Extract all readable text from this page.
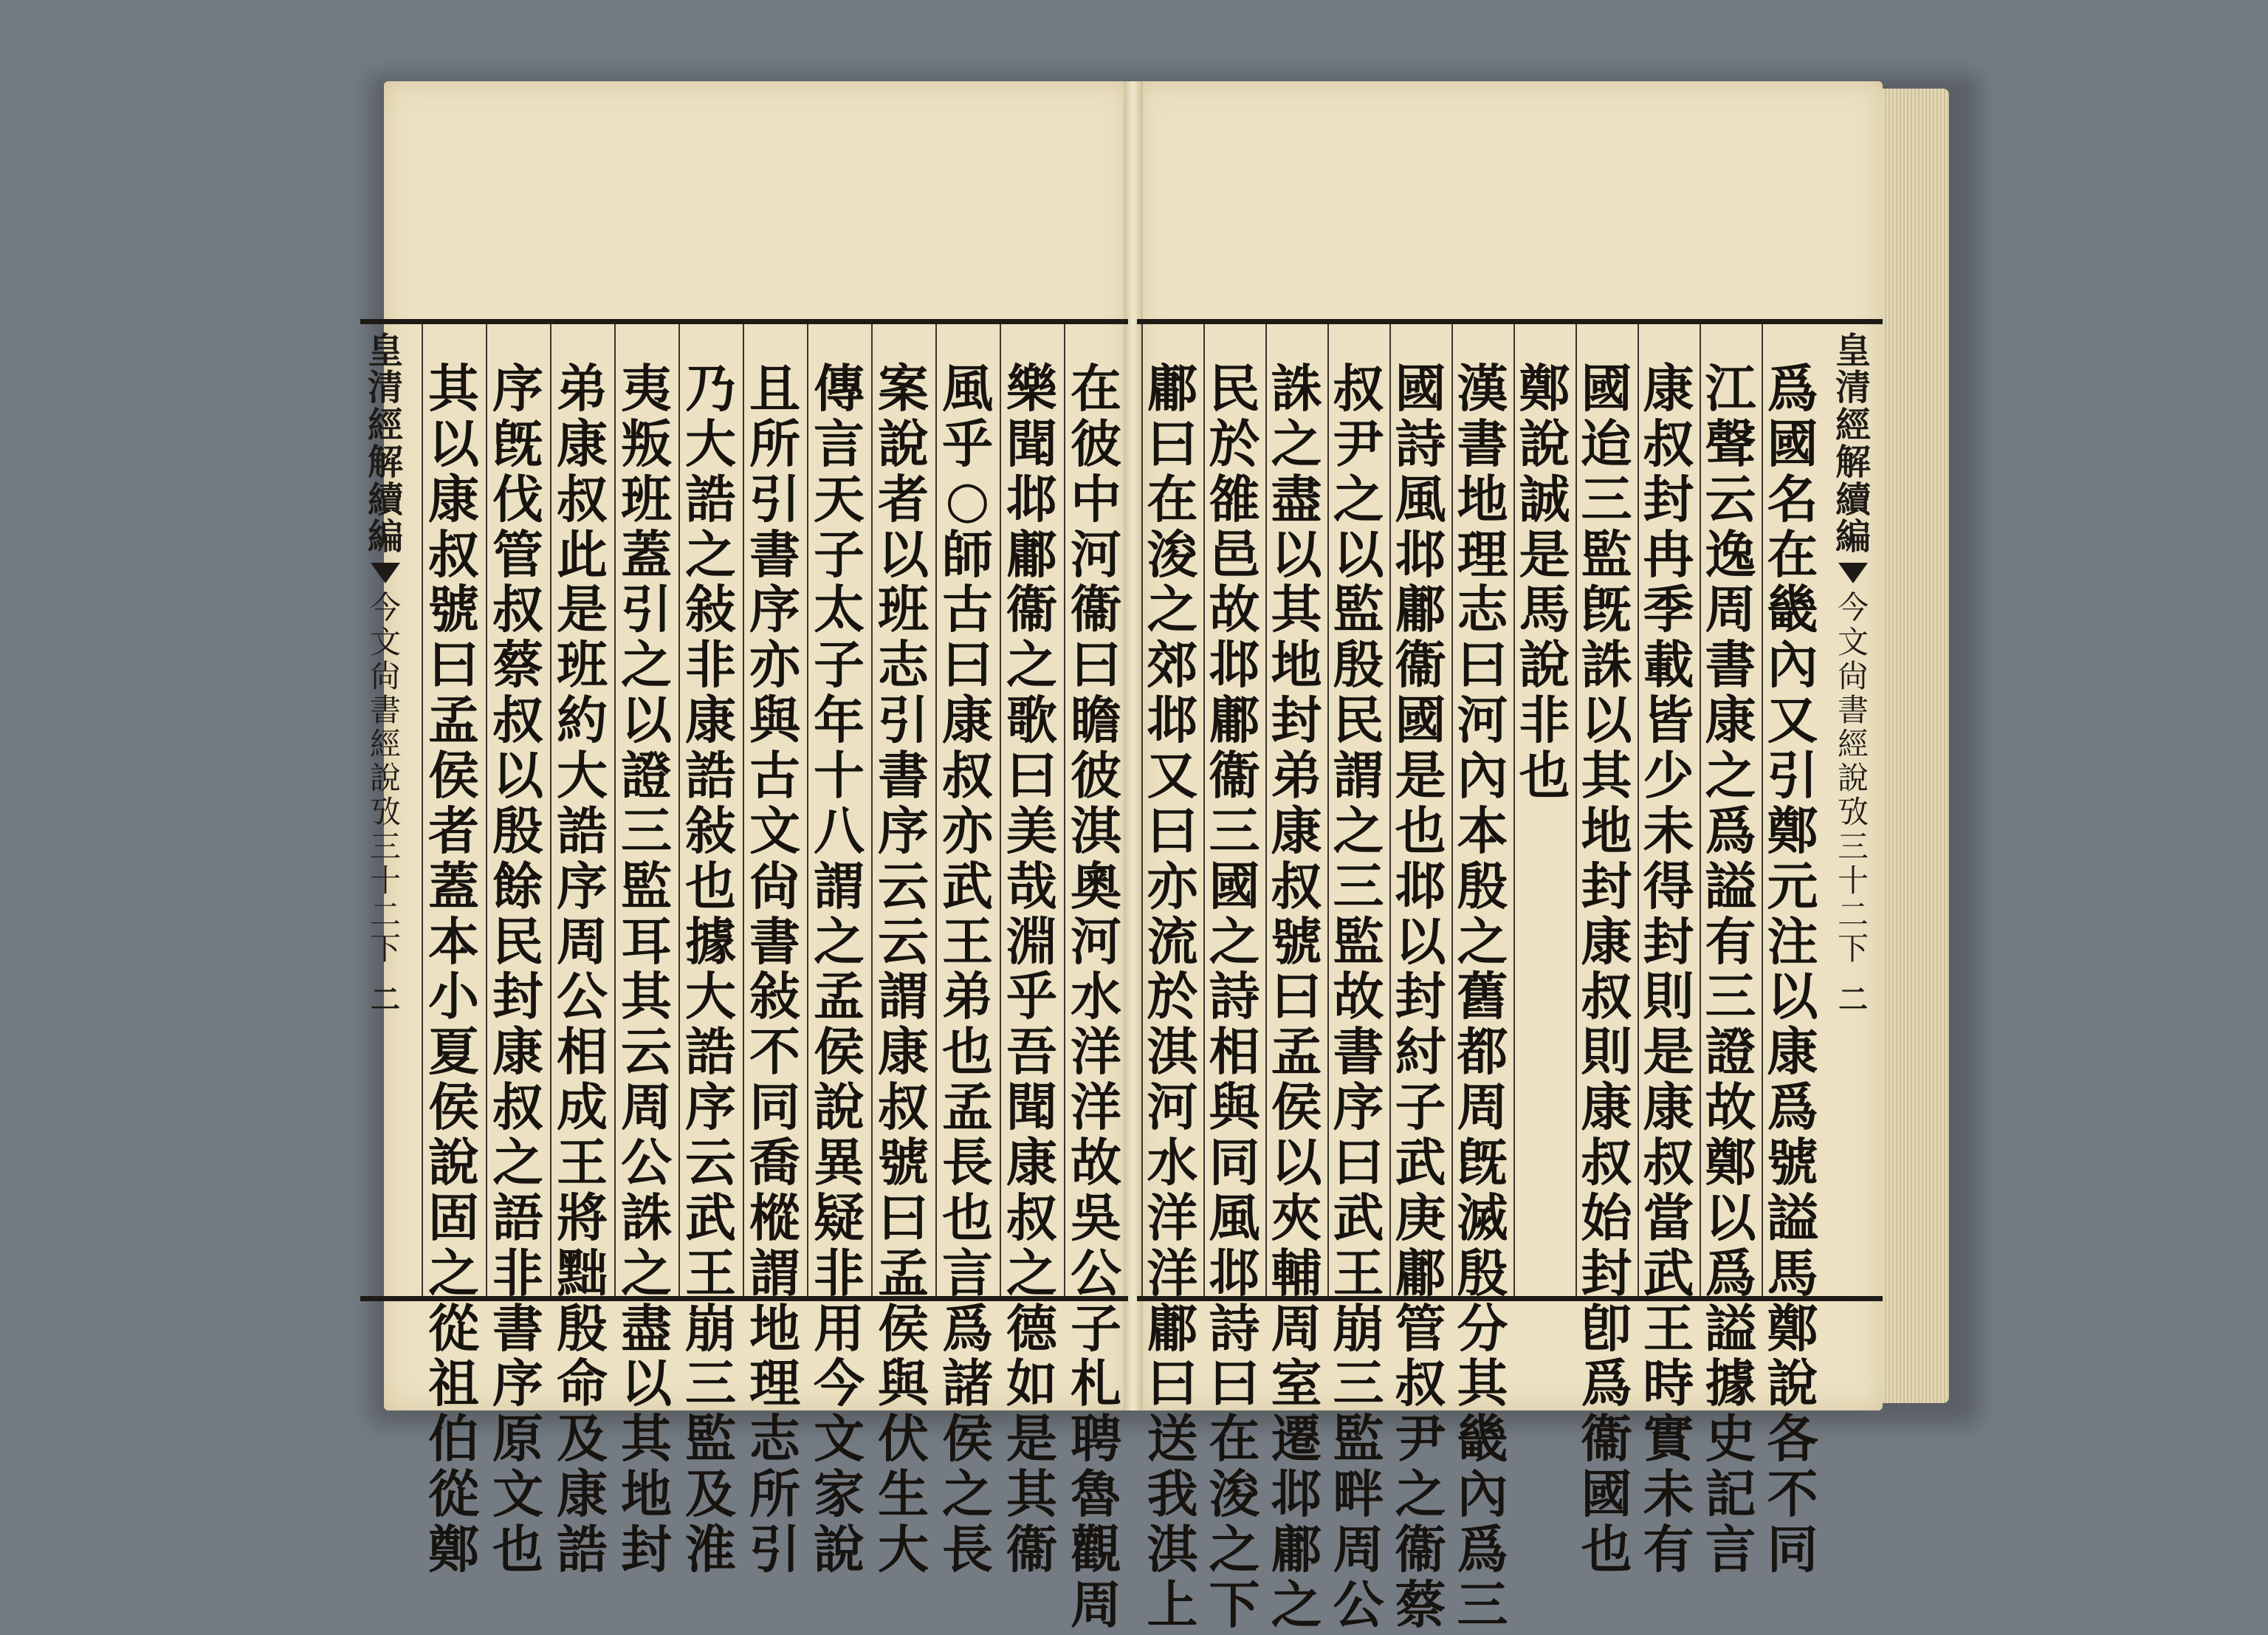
皇
清
經
解
續
編
今
文
尙
書
經
說
攷
三
十
二
下
二
在
彼
中
河
衞
曰
瞻
彼
淇
奧
河
水
洋
洋
故
吳
公
子
札
聘
魯
觀
周
樂
聞
邶
鄘
衞
之
歌
曰
美
哉
淵
乎
吾
聞
康
叔
之
德
如
是
其
衞
風
乎
○
師
古
曰
康
叔
亦
武
王
弟
也
孟
長
也
言
爲
諸
侯
之
長
案
說
者
以
班
志
引
書
序
云
云
謂
康
叔
號
曰
孟
侯
與
伏
生
大
傳
言
天
子
太
子
年
十
八
謂
之
孟
侯
說
異
疑
非
用
今
文
家
說
且
所
引
書
序
亦
與
古
文
尙
書
敍
不
同
喬
樅
謂
地
理
志
所
引
乃
大
誥
之
敍
非
康
誥
敍
也
據
大
誥
序
云
武
王
崩
三
監
及
淮
夷
叛
班
蓋
引
之
以
證
三
監
耳
其
云
周
公
誅
之
盡
以
其
地
封
弟
康
叔
此
是
班
約
大
誥
序
周
公
相
成
王
將
黜
殷
命
及
康
誥
序
旣
伐
管
叔
蔡
叔
以
殷
餘
民
封
康
叔
之
語
非
書
序
原
文
也
其
以
康
叔
號
曰
孟
侯
者
蓋
本
小
夏
侯
說
固
之
從
祖
伯
從
鄭
皇
清
經
解
續
編
今
文
尙
書
經
說
攷
三
十
二
下
二
爲
國
名
在
畿
內
又
引
鄭
元
注
以
康
爲
號
謚
馬
鄭
說
各
不
同
江
聲
云
逸
周
書
康
之
爲
謚
有
三
證
故
鄭
以
爲
謚
據
史
記
言
康
叔
封
冉
季
載
皆
少
未
得
封
則
是
康
叔
當
武
王
時
實
未
有
國
迨
三
監
旣
誅
以
其
地
封
康
叔
則
康
叔
始
封
卽
爲
衞
國
也
鄭
說
誠
是
馬
說
非
也
漢
書
地
理
志
曰
河
內
本
殷
之
舊
都
周
旣
滅
殷
分
其
畿
內
爲
三
國
詩
風
邶
鄘
衞
國
是
也
邶
以
封
紂
子
武
庚
鄘
管
叔
尹
之
衞
蔡
叔
尹
之
以
監
殷
民
謂
之
三
監
故
書
序
曰
武
王
崩
三
監
畔
周
公
誅
之
盡
以
其
地
封
弟
康
叔
號
曰
孟
侯
以
夾
輔
周
室
遷
邶
鄘
之
民
於
雒
邑
故
邶
鄘
衞
三
國
之
詩
相
與
同
風
邶
詩
曰
在
浚
之
下
鄘
曰
在
浚
之
郊
邶
又
曰
亦
流
於
淇
河
水
洋
洋
鄘
曰
送
我
淇
上
